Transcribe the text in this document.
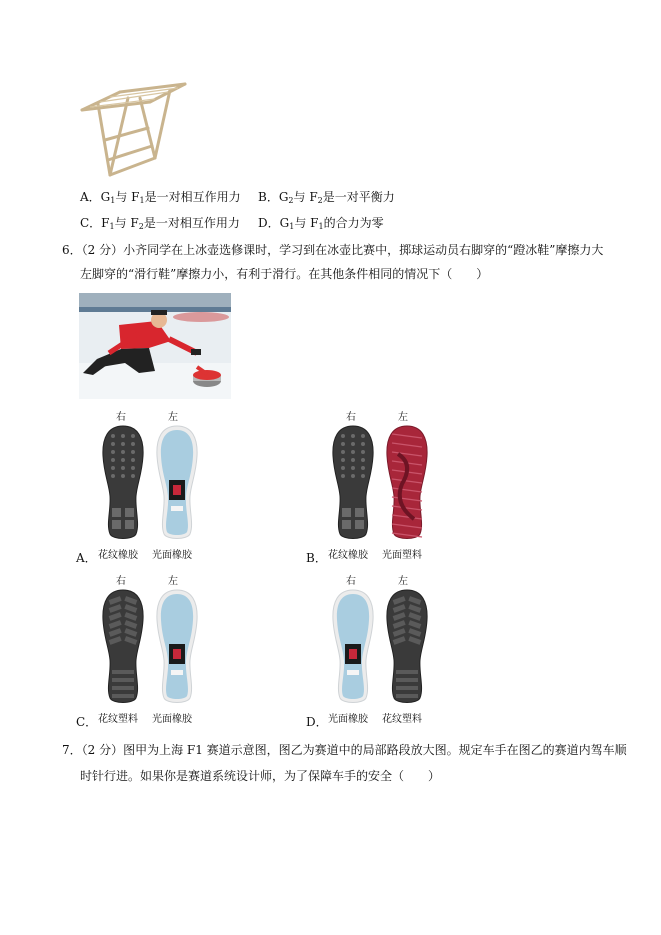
A．$G_1$与 $F_1$是一对相互作用力 B．$G_2$与 $F_2$是一对平衡力
C．$F_1$与 $F_2$是一对相互作用力 D．$G_1$与 $F_1$的合力为零
6．（2 分）小齐同学在上冰壶选修课时，学习到在冰壶比赛中，掷球运动员右脚穿的“蹬冰鞋”摩擦力大
左脚穿的“滑行鞋”摩擦力小，有利于滑行。在其他条件相同的情况下（　　）
A．
右	左
花纹橡胶 光面橡胶	B．
右	左
花纹橡胶 光面塑料
C．
右	左
花纹塑料 光面橡胶	D．
右	左
光面橡胶 花纹塑料
7．（2 分）图甲为上海 F1 赛道示意图，图乙为赛道中的局部路段放大图。规定车手在图乙的赛道内驾车顺
时针行进。如果你是赛道系统设计师，为了保障车手的安全（　　）
